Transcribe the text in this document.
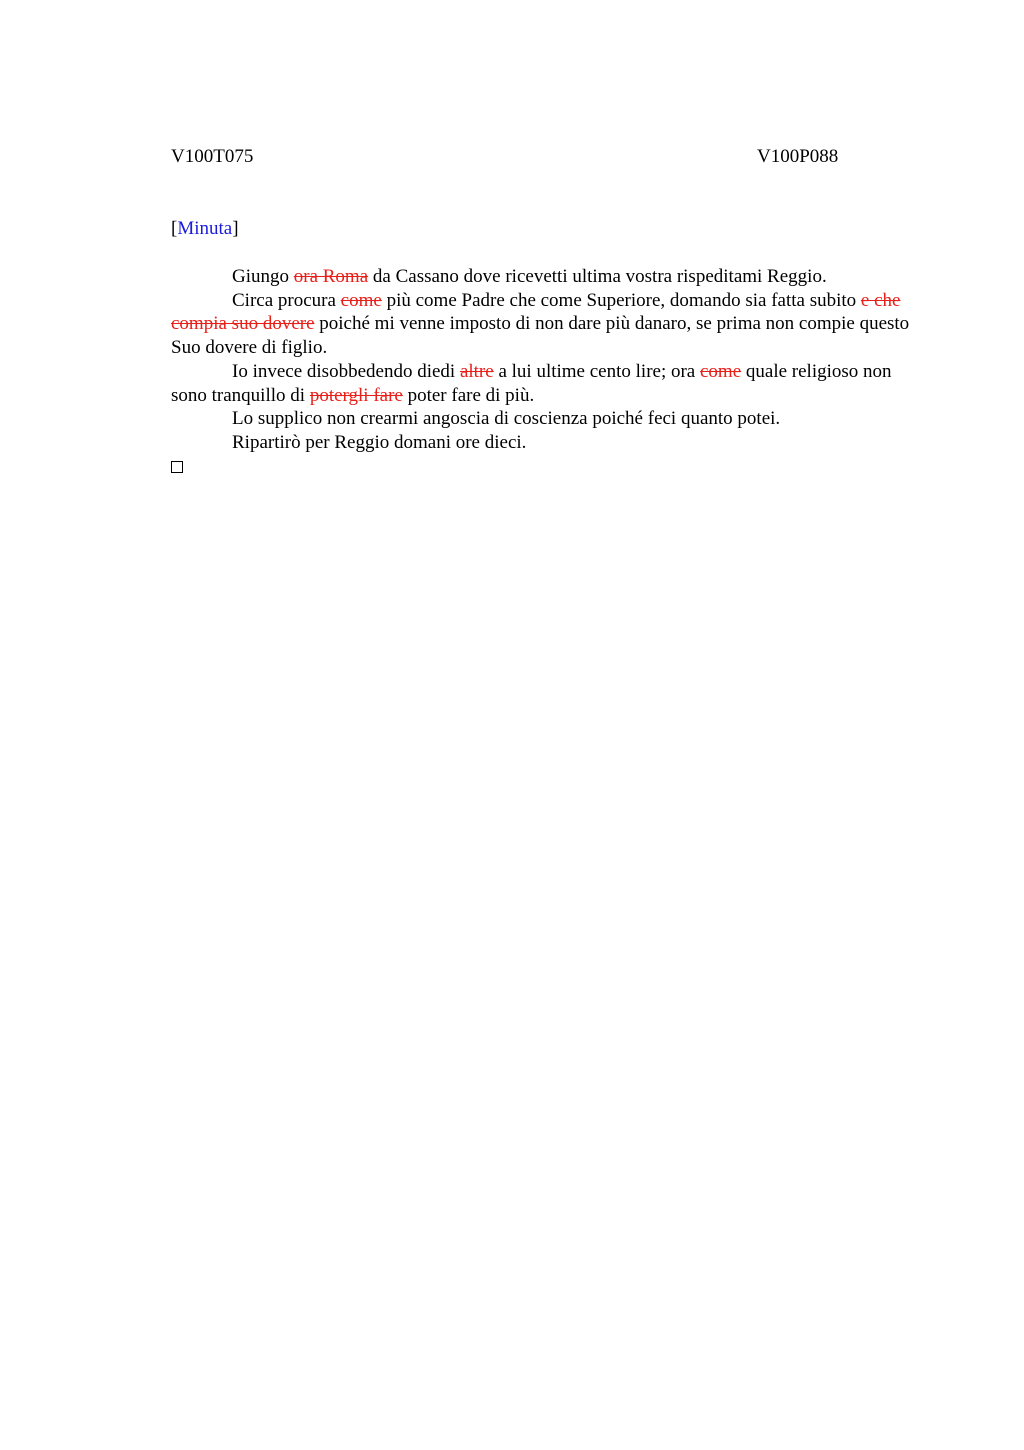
V100T075	V100P088
[Minuta]

Giungo ora Roma da Cassano dove ricevetti ultima vostra rispeditami Reggio.

Circa procura come più come Padre che come Superiore, domando sia fatta subito e che compia suo dovere poiché mi venne imposto di non dare più danaro, se prima non compie questo Suo dovere di figlio.

Io invece disobbedendo diedi altre a lui ultime cento lire; ora come quale religioso non sono tranquillo di potergli fare poter fare di più.

Lo supplico non crearmi angoscia di coscienza poiché feci quanto potei.

Ripartirò per Reggio domani ore dieci.
